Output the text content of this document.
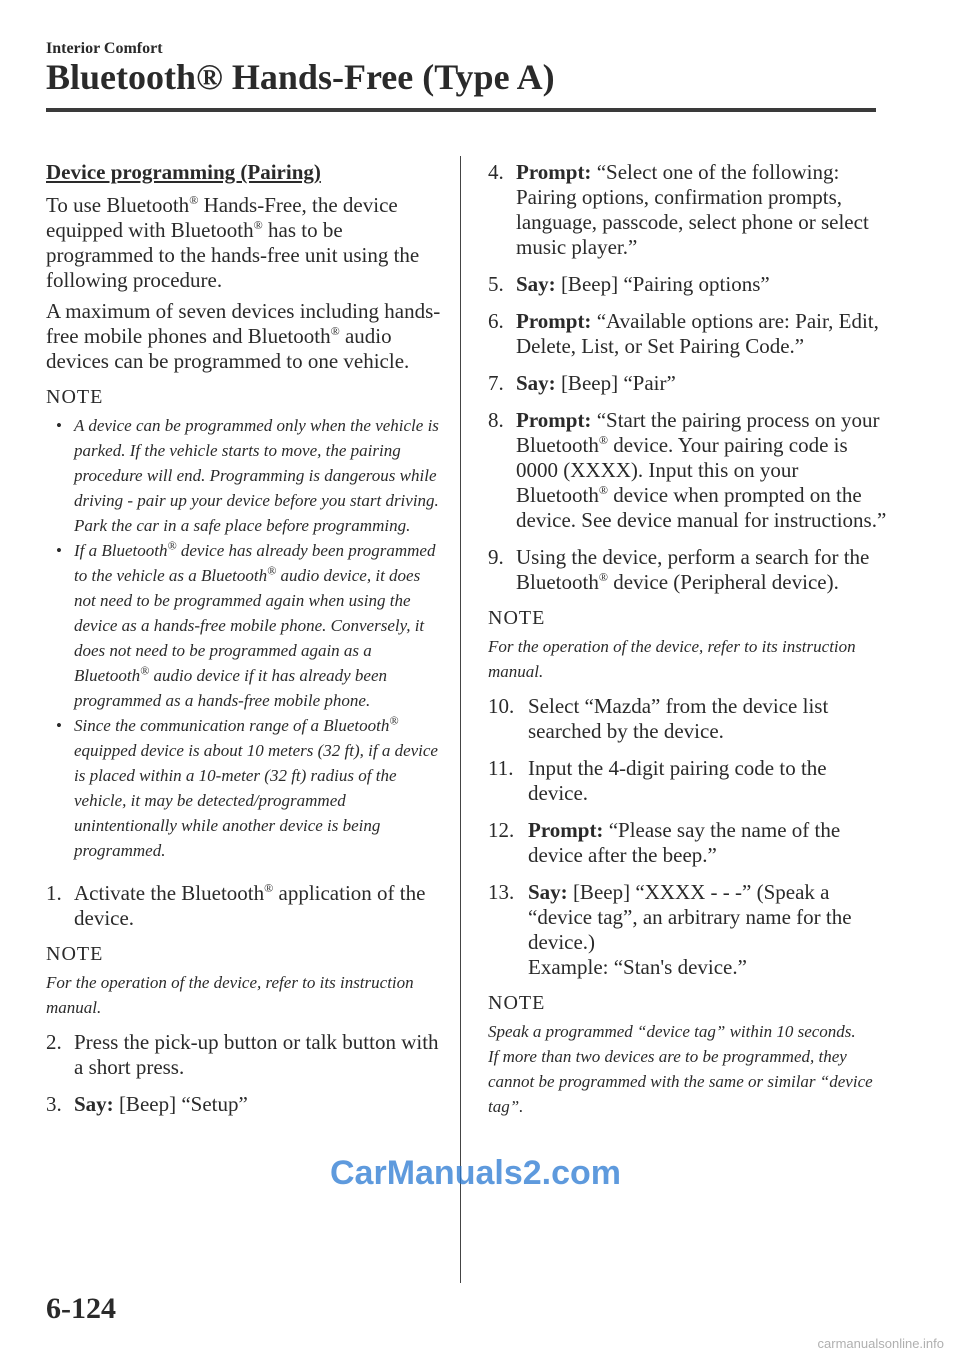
Interior Comfort
Bluetooth® Hands-Free (Type A)
Device programming (Pairing)

To use Bluetooth® Hands-Free, the device equipped with Bluetooth® has to be programmed to the hands-free unit using the following procedure.

A maximum of seven devices including hands-free mobile phones and Bluetooth® audio devices can be programmed to one vehicle.

NOTE
• A device can be programmed only when the vehicle is parked. If the vehicle starts to move, the pairing procedure will end. Programming is dangerous while driving - pair up your device before you start driving. Park the car in a safe place before programming.
• If a Bluetooth® device has already been programmed to the vehicle as a Bluetooth® audio device, it does not need to be programmed again when using the device as a hands-free mobile phone. Conversely, it does not need to be programmed again as a Bluetooth® audio device if it has already been programmed as a hands-free mobile phone.
• Since the communication range of a Bluetooth® equipped device is about 10 meters (32 ft), if a device is placed within a 10-meter (32 ft) radius of the vehicle, it may be detected/programmed unintentionally while another device is being programmed.
1. Activate the Bluetooth® application of the device.
NOTE
For the operation of the device, refer to its instruction manual.
2. Press the pick-up button or talk button with a short press.
3. Say: [Beep] “Setup”
4. Prompt: “Select one of the following: Pairing options, confirmation prompts, language, passcode, select phone or select music player.”
5. Say: [Beep] “Pairing options”
6. Prompt: “Available options are: Pair, Edit, Delete, List, or Set Pairing Code.”
7. Say: [Beep] “Pair”
8. Prompt: “Start the pairing process on your Bluetooth® device. Your pairing code is 0000 (XXXX). Input this on your Bluetooth® device when prompted on the device. See device manual for instructions.”
9. Using the device, perform a search for the Bluetooth® device (Peripheral device).
NOTE
For the operation of the device, refer to its instruction manual.
10. Select “Mazda” from the device list searched by the device.
11. Input the 4-digit pairing code to the device.
12. Prompt: “Please say the name of the device after the beep.”
13. Say: [Beep] “XXXX - - -” (Speak a “device tag”, an arbitrary name for the device.)
Example: “Stan's device.”
NOTE
Speak a programmed “device tag” within 10 seconds.
If more than two devices are to be programmed, they cannot be programmed with the same or similar “device tag”.
CarManuals2.com
6-124
carmanualsonline.info
